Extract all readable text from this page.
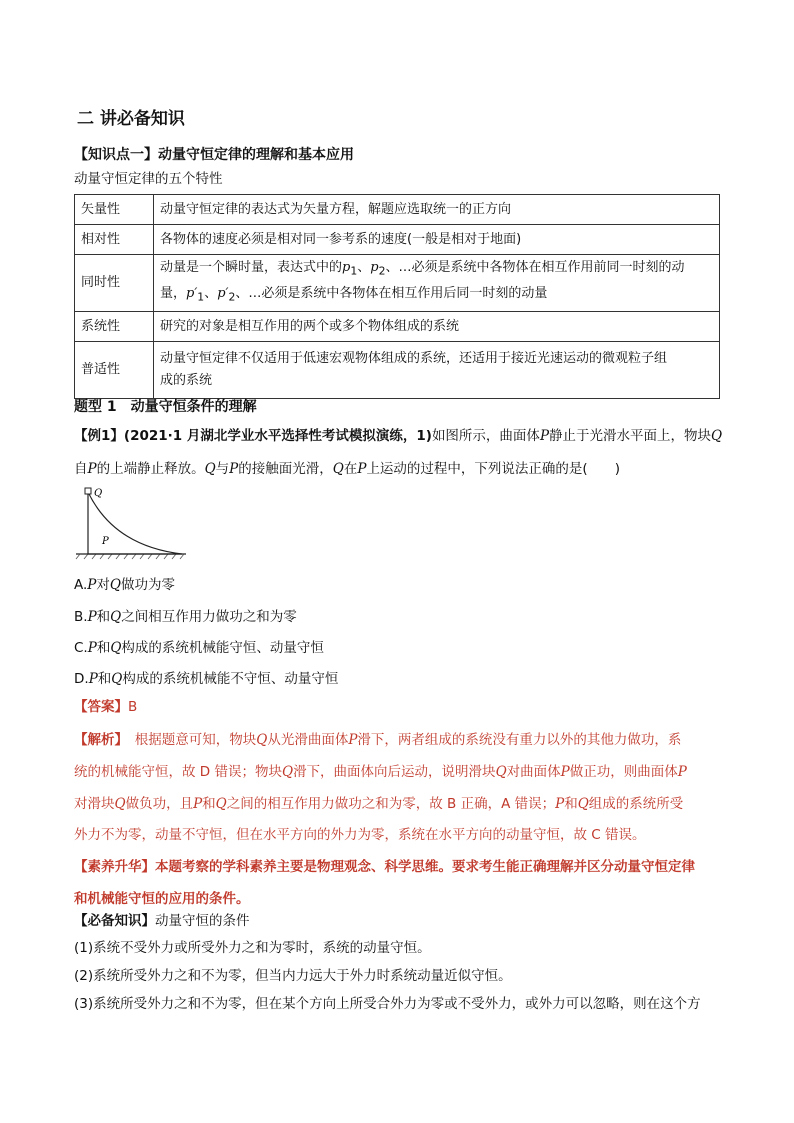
二 讲必备知识
【知识点一】动量守恒定律的理解和基本应用
动量守恒定律的五个特性
矢量性	动量守恒定律的表达式为矢量方程，解题应选取统一的正方向
相对性	各物体的速度必须是相对同一参考系的速度(一般是相对于地面)
同时性	动量是一个瞬时量，表达式中的$p_1$、$p_2$、…必须是系统中各物体在相互作用前同一时刻的动
量，$p'_1$、$p'_2$、…必须是系统中各物体在相互作用后同一时刻的动量

系统性	研究的对象是相互作用的两个或多个物体组成的系统
普适性	动量守恒定律不仅适用于低速宏观物体组成的系统，还适用于接近光速运动的微观粒子组
成的系统
题型 1　 动量守恒条件的理解
【例1】(2021·1 月湖北学业水平选择性考试模拟演练，1)如图所示，曲面体P静止于光滑水平面上，物块Q
自P的上端静止释放。Q与P的接触面光滑，Q在P上运动的过程中，下列说法正确的是(　　)
Q
P
A.P对Q做功为零
B.P和Q之间相互作用力做功之和为零
C.P和Q构成的系统机械能守恒、动量守恒
D.P和Q构成的系统机械能不守恒、动量守恒
【答案】B
【解析】　根据题意可知，物块Q从光滑曲面体P滑下，两者组成的系统没有重力以外的其他力做功，系
统的机械能守恒，故 D 错误；物块Q滑下，曲面体向后运动，说明滑块Q对曲面体P做正功，则曲面体P
对滑块Q做负功，且P和Q之间的相互作用力做功之和为零，故 B 正确，A 错误；P和Q组成的系统所受
外力不为零，动量不守恒，但在水平方向的外力为零，系统在水平方向的动量守恒，故 C 错误。
【素养升华】本题考察的学科素养主要是物理观念、科学思维。要求考生能正确理解并区分动量守恒定律
和机械能守恒的应用的条件。
【必备知识】动量守恒的条件
(1)系统不受外力或所受外力之和为零时，系统的动量守恒。
(2)系统所受外力之和不为零，但当内力远大于外力时系统动量近似守恒。
(3)系统所受外力之和不为零，但在某个方向上所受合外力为零或不受外力，或外力可以忽略，则在这个方
